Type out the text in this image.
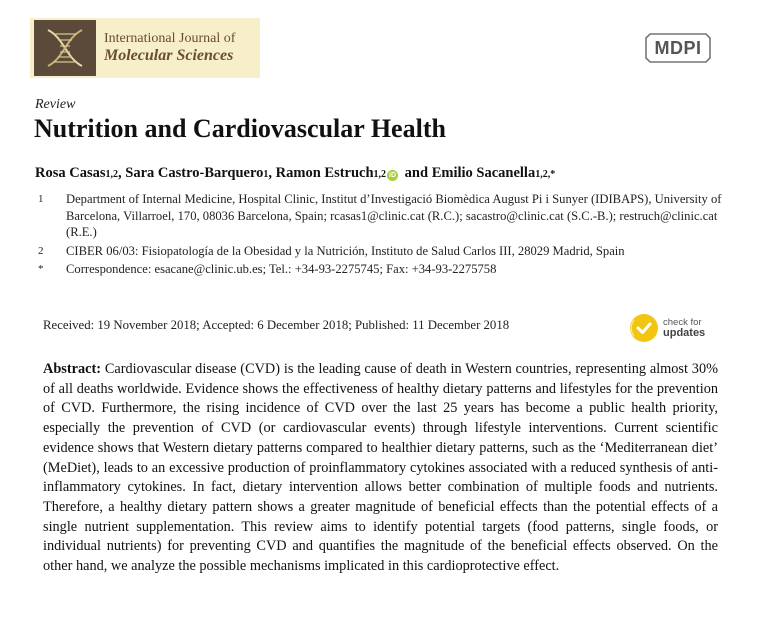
International Journal of
Molecular Sciences	MDPI
Review
Nutrition and Cardiovascular Health
Rosa Casas 1,2 , Sara Castro-Barquero 1 , Ramon Estruch 1,2 iD and Emilio Sacanella 1,2,*
1	Department of Internal Medicine, Hospital Clinic, Institut d’Investigació Biomèdica August Pi i Sunyer (IDIBAPS), University of Barcelona, Villarroel, 170, 08036 Barcelona, Spain; rcasas1@clinic.cat (R.C.); sacastro@clinic.cat (S.C.-B.); restruch@clinic.cat (R.E.)
2	CIBER 06/03: Fisiopatología de la Obesidad y la Nutrición, Instituto de Salud Carlos III, 28029 Madrid, Spain
*	Correspondence: esacane@clinic.ub.es; Tel.: +34-93-2275745; Fax: +34-93-2275758
Received: 19 November 2018; Accepted: 6 December 2018; Published: 11 December 2018	check for
updates

Abstract: Cardiovascular disease (CVD) is the leading cause of death in Western countries, representing almost 30% of all deaths worldwide. Evidence shows the effectiveness of healthy dietary patterns and lifestyles for the prevention of CVD. Furthermore, the rising incidence of CVD over the last 25 years has become a public health priority, especially the prevention of CVD (or cardiovascular events) through lifestyle interventions. Current scientific evidence shows that Western dietary patterns compared to healthier dietary patterns, such as the ‘Mediterranean diet’ (MeDiet), leads to an excessive production of proinflammatory cytokines associated with a reduced synthesis of anti-inflammatory cytokines. In fact, dietary intervention allows better combination of multiple foods and nutrients. Therefore, a healthy dietary pattern shows a greater magnitude of beneficial effects than the potential effects of a single nutrient supplementation. This review aims to identify potential targets (food patterns, single foods, or individual nutrients) for preventing CVD and quantifies the magnitude of the beneficial effects observed. On the other hand, we analyze the possible mechanisms implicated in this cardioprotective effect.
